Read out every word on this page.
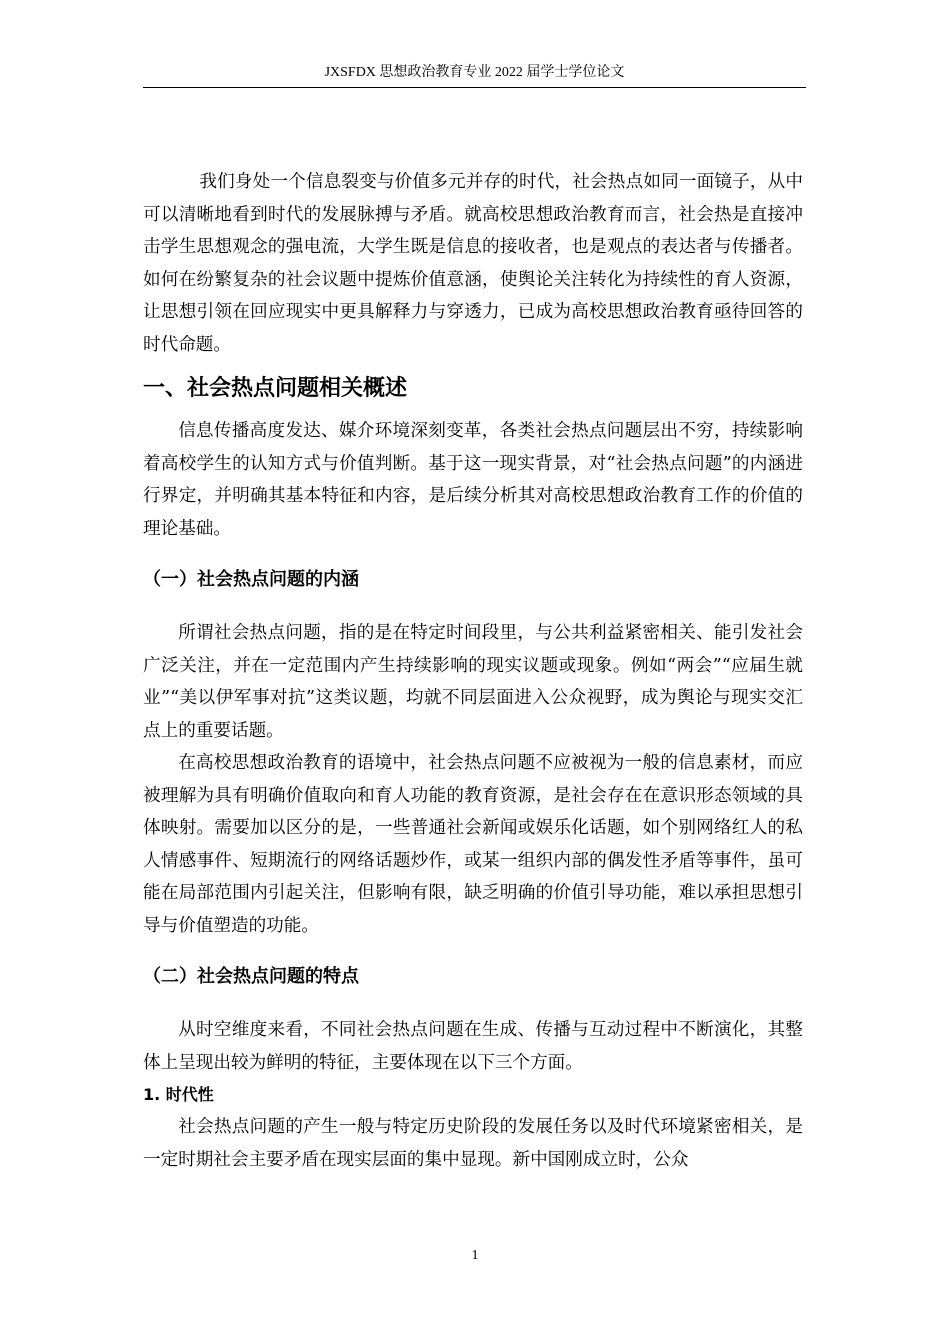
JXSFDX 思想政治教育专业 2022 届学士学位论文

我们身处一个信息裂变与价值多元并存的时代，社会热点如同一面镜子，从中可以清晰地看到时代的发展脉搏与矛盾。就高校思想政治教育而言，社会热是直接冲击学生思想观念的强电流，大学生既是信息的接收者，也是观点的表达者与传播者。如何在纷繁复杂的社会议题中提炼价值意涵，使舆论关注转化为持续性的育人资源，让思想引领在回应现实中更具解释力与穿透力，已成为高校思想政治教育亟待回答的时代命题。

一、社会热点问题相关概述

信息传播高度发达、媒介环境深刻变革，各类社会热点问题层出不穷，持续影响着高校学生的认知方式与价值判断。基于这一现实背景，对“社会热点问题”的内涵进行界定，并明确其基本特征和内容，是后续分析其对高校思想政治教育工作的价值的理论基础。

（一）社会热点问题的内涵

所谓社会热点问题，指的是在特定时间段里，与公共利益紧密相关、能引发社会广泛关注，并在一定范围内产生持续影响的现实议题或现象。例如“两会”“应届生就业”“美以伊军事对抗”这类议题，均就不同层面进入公众视野，成为舆论与现实交汇点上的重要话题。

在高校思想政治教育的语境中，社会热点问题不应被视为一般的信息素材，而应被理解为具有明确价值取向和育人功能的教育资源，是社会存在在意识形态领域的具体映射。需要加以区分的是，一些普通社会新闻或娱乐化话题，如个别网络红人的私人情感事件、短期流行的网络话题炒作，或某一组织内部的偶发性矛盾等事件，虽可能在局部范围内引起关注，但影响有限，缺乏明确的价值引导功能，难以承担思想引导与价值塑造的功能。

（二）社会热点问题的特点

从时空维度来看，不同社会热点问题在生成、传播与互动过程中不断演化，其整体上呈现出较为鲜明的特征，主要体现在以下三个方面。

1. 时代性

社会热点问题的产生一般与特定历史阶段的发展任务以及时代环境紧密相关，是一定时期社会主要矛盾在现实层面的集中显现。新中国刚成立时，公众

1
